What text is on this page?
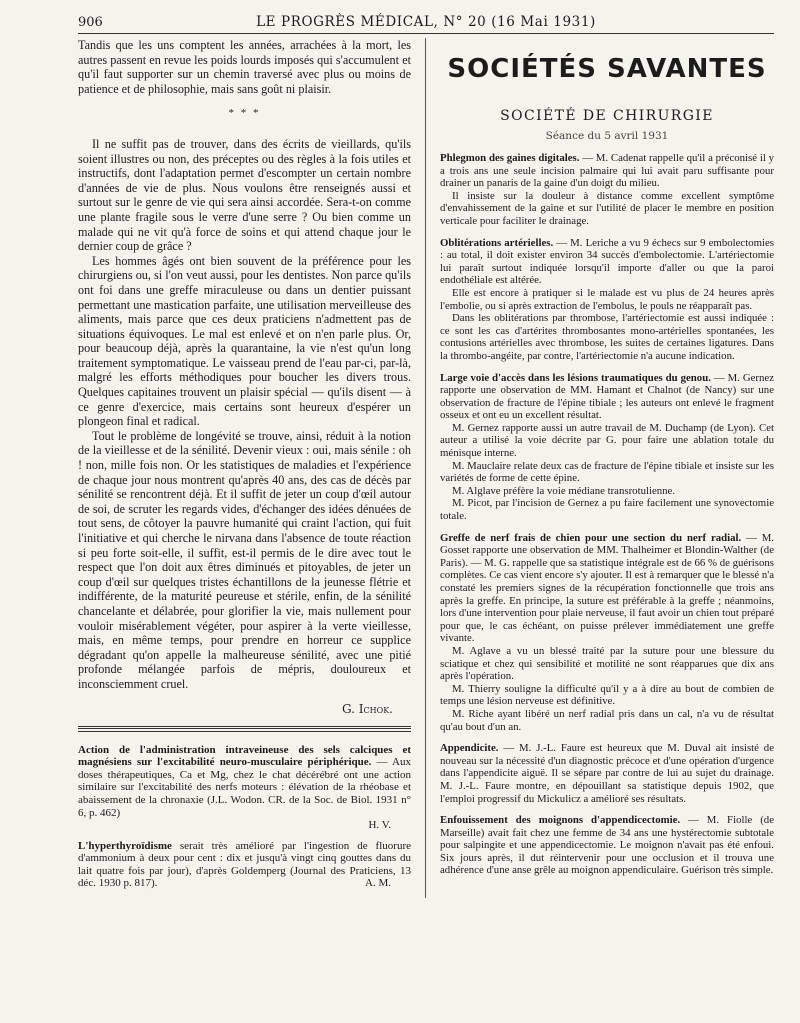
906	LE PROGRÈS MÉDICAL, N° 20 (16 Mai 1931)

Tandis que les uns comptent les années, arrachées à la mort, les autres passent en revue les poids lourds imposés qui s'accumulent et qu'il faut supporter sur un chemin traversé avec plus ou moins de patience et de philosophie, mais sans goût ni plaisir.

* * *

Il ne suffit pas de trouver, dans des écrits de vieillards, qu'ils soient illustres ou non, des préceptes ou des règles à la fois utiles et instructifs, dont l'adaptation permet d'escompter un certain nombre d'années de vie de plus. Nous voulons être renseignés aussi et surtout sur le genre de vie qui sera ainsi accordée. Sera-t-on comme une plante fragile sous le verre d'une serre ? Ou bien comme un malade qui ne vit qu'à force de soins et qui attend chaque jour le dernier coup de grâce ?

Les hommes âgés ont bien souvent de la préférence pour les chirurgiens ou, si l'on veut aussi, pour les dentistes. Non parce qu'ils ont foi dans une greffe miraculeuse ou dans un dentier puissant permettant une mastication parfaite, une utilisation merveilleuse des aliments, mais parce que ces deux praticiens n'admettent pas de situations équivoques. Le mal est enlevé et on n'en parle plus. Or, pour beaucoup déjà, après la quarantaine, la vie n'est qu'un long traitement symptomatique. Le vaisseau prend de l'eau par-ci, par-là, malgré les efforts méthodiques pour boucher les divers trous. Quelques capitaines trouvent un plaisir spécial — qu'ils disent — à ce genre d'exercice, mais certains sont heureux d'espérer un plongeon final et radical.

Tout le problème de longévité se trouve, ainsi, réduit à la notion de la vieillesse et de la sénilité. Devenir vieux : oui, mais sénile : oh ! non, mille fois non. Or les statistiques de maladies et l'expérience de chaque jour nous montrent qu'après 40 ans, des cas de décès par sénilité se rencontrent déjà. Et il suffit de jeter un coup d'œil autour de soi, de scruter les regards vides, d'échanger des idées dénuées de tout sens, de côtoyer la pauvre humanité qui craint l'action, qui fuit l'initiative et qui cherche le nirvana dans l'absence de toute réaction si peu forte soit-elle, il suffit, est-il permis de le dire avec tout le respect que l'on doit aux êtres diminués et pitoyables, de jeter un coup d'œil sur quelques tristes échantillons de la jeunesse flétrie et indifférente, de la maturité peureuse et stérile, enfin, de la sénilité chancelante et délabrée, pour glorifier la vie, mais nullement pour vouloir misérablement végéter, pour aspirer à la verte vieillesse, mais, en même temps, pour prendre en horreur ce supplice dégradant qu'on appelle la malheureuse sénilité, avec une pitié profonde mélangée parfois de mépris, douloureux et inconsciemment cruel.

G. Ichok.
Action de l'administration intraveineuse des sels calciques et magnésiens sur l'excitabilité neuro-musculaire périphérique. — Aux doses thérapeutiques, Ca et Mg, chez le chat décérébré ont une action similaire sur l'excitabilité des nerfs moteurs : élévation de la rhéobase et abaissement de la chronaxie (J.L. Wodon. CR. de la Soc. de Biol. 1931 n° 6, p. 462)
H. V.
L'hyperthyroïdisme serait très amélioré par l'ingestion de fluorure d'ammonium à deux pour cent : dix et jusqu'à vingt cinq gouttes dans du lait quatre fois par jour), d'après Goldemperg (Journal des Praticiens, 13 déc. 1930 p. 817).	A. M.
SOCIÉTÉS SAVANTES
SOCIÉTÉ DE CHIRURGIE
Séance du 5 avril 1931
Phlegmon des gaines digitales. — M. Cadenat rappelle qu'il a préconisé il y a trois ans une seule incision palmaire qui lui avait paru suffisante pour drainer un panaris de la gaine d'un doigt du milieu.

Il insiste sur la douleur à distance comme excellent symptôme d'envahissement de la gaine et sur l'utilité de placer le membre en position verticale pour faciliter le drainage.

Oblitérations artérielles. — M. Leriche a vu 9 échecs sur 9 embolectomies : au total, il doit exister environ 34 succès d'embolectomie. L'artériectomie lui paraît surtout indiquée lorsqu'il importe d'aller ou que la paroi endothéliale est altérée.

Elle est encore à pratiquer si le malade est vu plus de 24 heures après l'embolie, ou si après extraction de l'embolus, le pouls ne réapparaît pas.

Dans les oblitérations par thrombose, l'artériectomie est aussi indiquée : ce sont les cas d'artérites thrombosantes mono-artérielles spontanées, les contusions artérielles avec thrombose, les suites de certaines ligatures. Dans la thrombo-angéite, par contre, l'artériectomie n'a aucune indication.

Large voie d'accès dans les lésions traumatiques du genou. — M. Gernez rapporte une observation de MM. Hamant et Chalnot (de Nancy) sur une observation de fracture de l'épine tibiale ; les auteurs ont enlevé le fragment osseux et ont eu un excellent résultat.

M. Gernez rapporte aussi un autre travail de M. Duchamp (de Lyon). Cet auteur a utilisé la voie décrite par G. pour faire une ablation totale du ménisque interne.

M. Mauclaire relate deux cas de fracture de l'épine tibiale et insiste sur les variétés de forme de cette épine.

M. Alglave préfère la voie médiane transrotulienne.

M. Picot, par l'incision de Gernez a pu faire facilement une synovectomie totale.

Greffe de nerf frais de chien pour une section du nerf radial. — M. Gosset rapporte une observation de MM. Thalheimer et Blondin-Walther (de Paris). — M. G. rappelle que sa statistique intégrale est de 66 % de guérisons complètes. Ce cas vient encore s'y ajouter. Il est à remarquer que le blessé n'a constaté les premiers signes de la récupération fonctionnelle que trois ans après la greffe. En principe, la suture est préférable à la greffe ; néanmoins, lors d'une intervention pour plaie nerveuse, il faut avoir un chien tout préparé pour que, le cas échéant, on puisse prélever immédiatement une greffe vivante.

M. Aglave a vu un blessé traité par la suture pour une blessure du sciatique et chez qui sensibilité et motilité ne sont réapparues que dix ans après l'opération.

M. Thierry souligne la difficulté qu'il y a à dire au bout de combien de temps une lésion nerveuse est définitive.

M. Riche ayant libéré un nerf radial pris dans un cal, n'a vu de résultat qu'au bout d'un an.

Appendicite. — M. J.-L. Faure est heureux que M. Duval ait insisté de nouveau sur la nécessité d'un diagnostic précoce et d'une opération d'urgence dans l'appendicite aiguë. Il se sépare par contre de lui au sujet du drainage. M. J.-L. Faure montre, en dépouillant sa statistique depuis 1902, que l'emploi progressif du Mickulicz a amélioré ses résultats.
Enfouissement des moignons d'appendicectomie. — M. Fiolle (de Marseille) avait fait chez une femme de 34 ans une hystérectomie subtotale pour salpingite et une appendicectomie. Le moignon n'avait pas été enfoui. Six jours après, il dut réintervenir pour une occlusion et il trouva une adhérence d'une anse grêle au moignon appendiculaire. Guérison très simple.
